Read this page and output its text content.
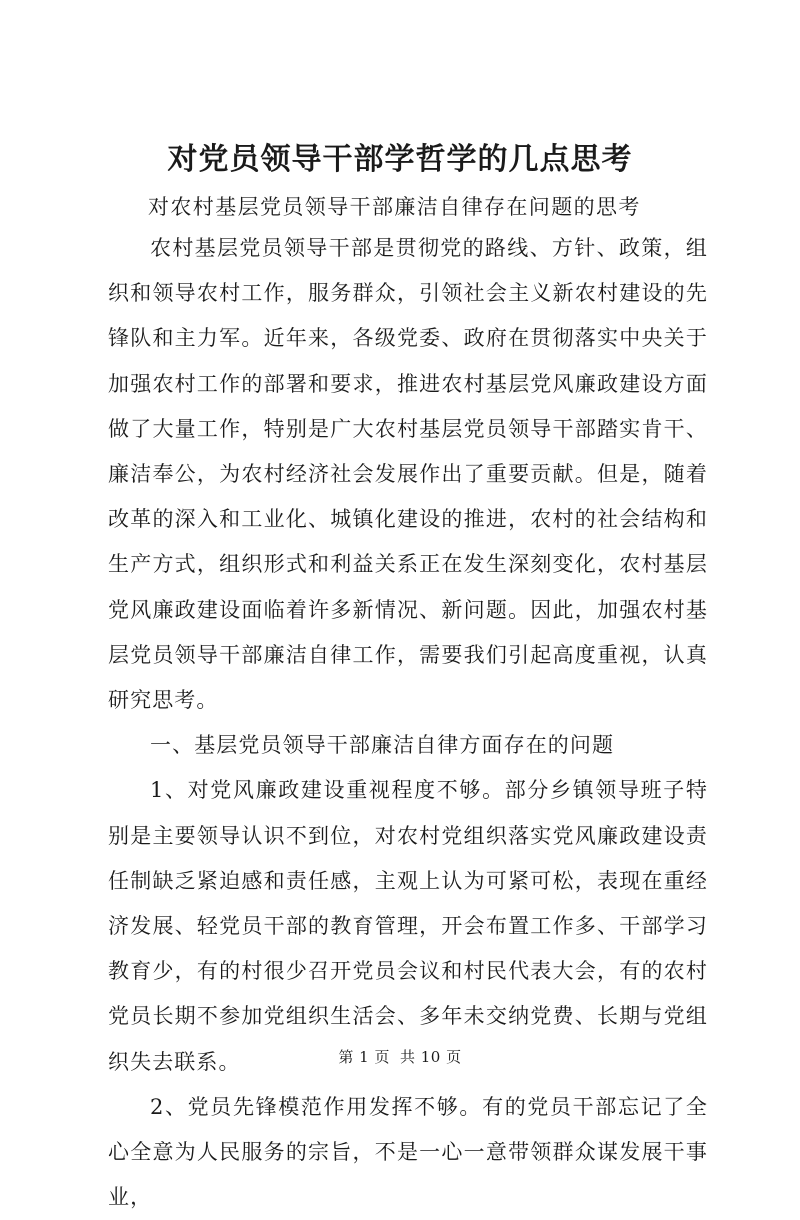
对党员领导干部学哲学的几点思考
对农村基层党员领导干部廉洁自律存在问题的思考

农村基层党员领导干部是贯彻党的路线、方针、政策，组织和领导农村工作，服务群众，引领社会主义新农村建设的先锋队和主力军。近年来，各级党委、政府在贯彻落实中央关于加强农村工作的部署和要求，推进农村基层党风廉政建设方面做了大量工作，特别是广大农村基层党员领导干部踏实肯干、廉洁奉公，为农村经济社会发展作出了重要贡献。但是，随着改革的深入和工业化、城镇化建设的推进，农村的社会结构和生产方式，组织形式和利益关系正在发生深刻变化，农村基层党风廉政建设面临着许多新情况、新问题。因此，加强农村基层党员领导干部廉洁自律工作，需要我们引起高度重视，认真研究思考。

一、基层党员领导干部廉洁自律方面存在的问题

1、对党风廉政建设重视程度不够。部分乡镇领导班子特别是主要领导认识不到位，对农村党组织落实党风廉政建设责任制缺乏紧迫感和责任感，主观上认为可紧可松，表现在重经济发展、轻党员干部的教育管理，开会布置工作多、干部学习教育少，有的村很少召开党员会议和村民代表大会，有的农村党员长期不参加党组织生活会、多年未交纳党费、长期与党组织失去联系。

2、党员先锋模范作用发挥不够。有的党员干部忘记了全心全意为人民服务的宗旨，不是一心一意带领群众谋发展干事业，

第 1 页 共 10 页
